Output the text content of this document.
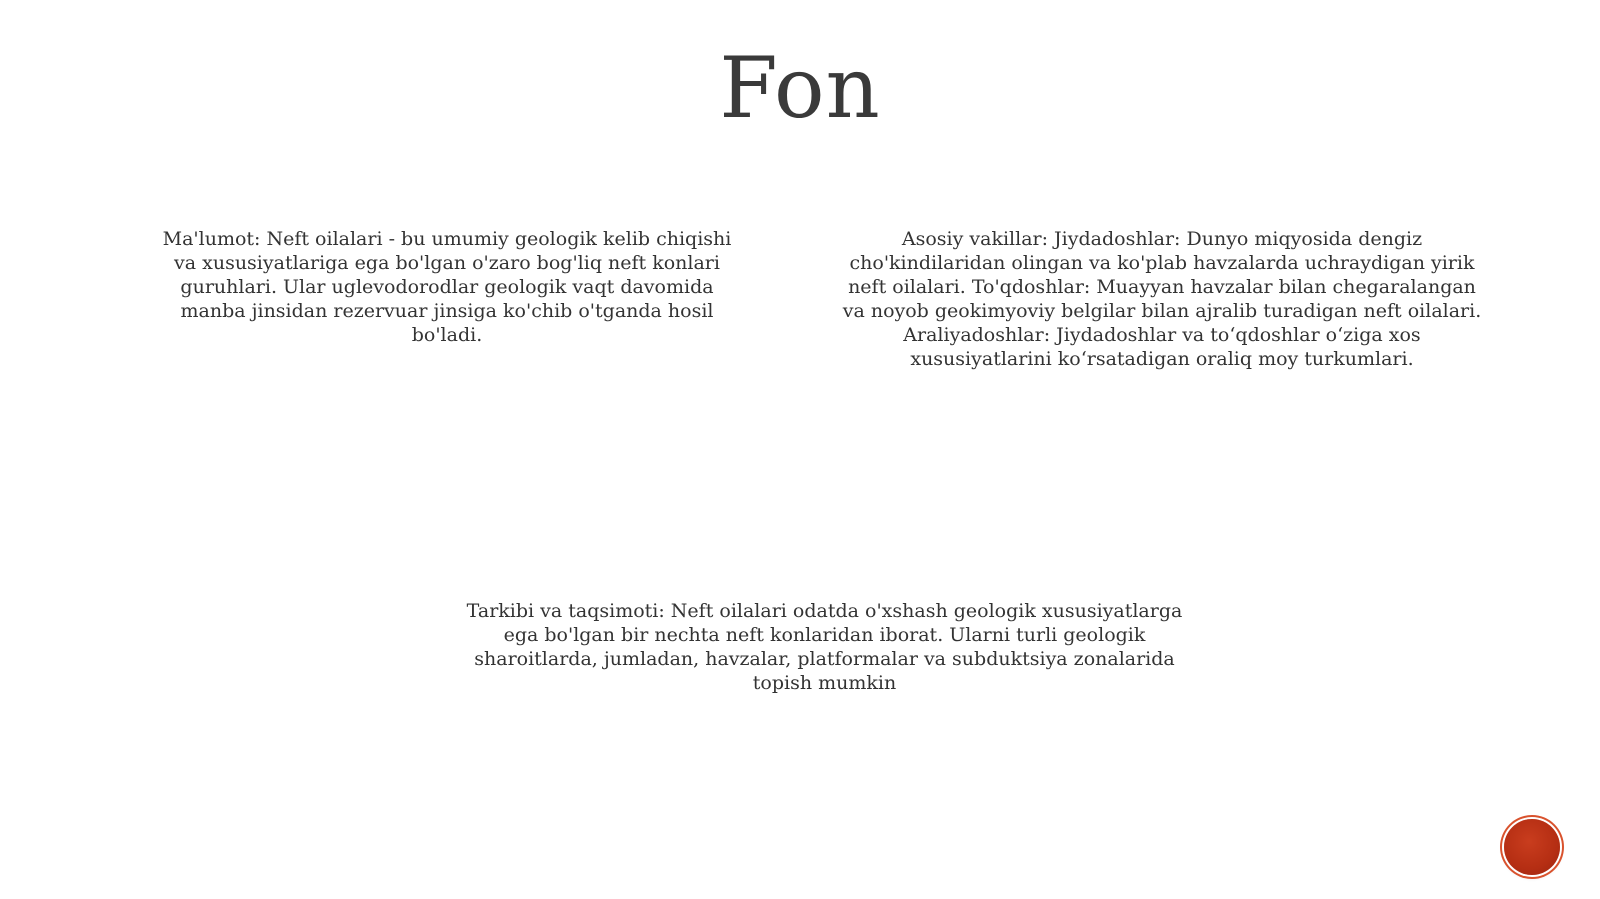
Fon

Ma'lumot: Neft oilalari - bu umumiy geologik kelib chiqishi va xususiyatlariga ega bo'lgan o'zaro bog'liq neft konlari guruhlari. Ular uglevodorodlar geologik vaqt davomida manba jinsidan rezervuar jinsiga ko'chib o'tganda hosil bo'ladi.

Asosiy vakillar: Jiydadoshlar: Dunyo miqyosida dengiz cho'kindilaridan olingan va ko'plab havzalarda uchraydigan yirik neft oilalari. To'qdoshlar: Muayyan havzalar bilan chegaralangan va noyob geokimyoviy belgilar bilan ajralib turadigan neft oilalari. Araliyadoshlar: Jiydadoshlar va to‘qdoshlar o‘ziga xos xususiyatlarini ko‘rsatadigan oraliq moy turkumlari.

Tarkibi va taqsimoti: Neft oilalari odatda o'xshash geologik xususiyatlarga ega bo'lgan bir nechta neft konlaridan iborat. Ularni turli geologik sharoitlarda, jumladan, havzalar, platformalar va subduktsiya zonalarida topish mumkin
